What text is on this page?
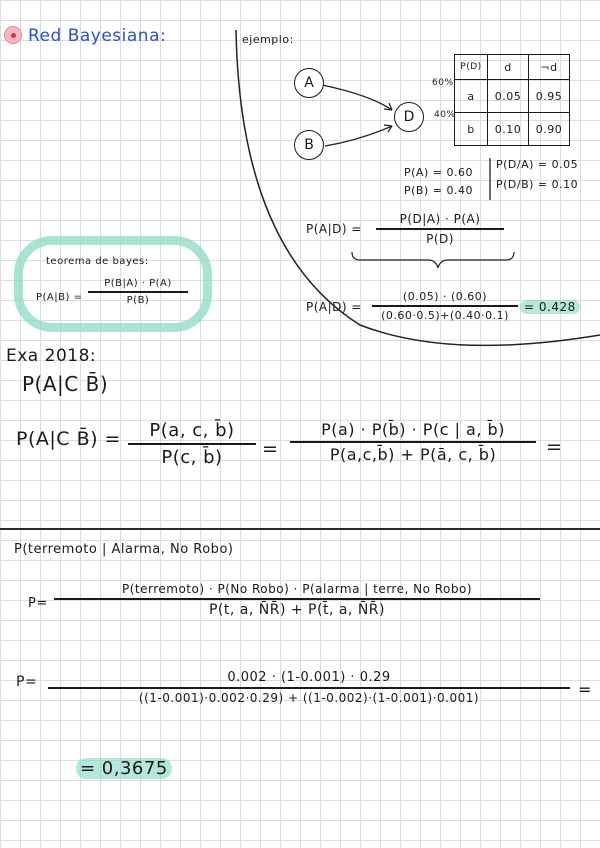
Red Bayesiana:	ejemplo:
A
B
D
60%
40%
P(D)	d	¬d
a	0.05	0.95
b	0.10	0.90
P(A) = 0.60
P(B) = 0.40
P(D/A) = 0.05
P(D/B) = 0.10
P(A|D) =
P(D|A) · P(A)
P(D)
P(A|D) =
(0.05) · (0.60)
(0.60·0.5)+(0.40·0.1)
= 0.428
teorema de bayes:
P(A|B) =
P(B|A) · P(A)
P(B)
Exa 2018:
P(A|C B̄)
P(A|C B̄) = P(a, c, b̄)
P(c, b̄) =
P(a) · P(b̄) · P(c | a, b̄)
P(a,c,b̄) + P(ā, c, b̄)	=
P(terremoto | Alarma, No Robo)
P=
P(terremoto) · P(No Robo) · P(alarma | terre, No Robo)
P(t, a, N̄R̄) + P(t̄, a, N̄R̄)
P=	0.002 · (1-0.001) · 0.29
((1-0.001)·0.002·0.29) + ((1-0.002)·(1-0.001)·0.001)	=
= 0,3675
